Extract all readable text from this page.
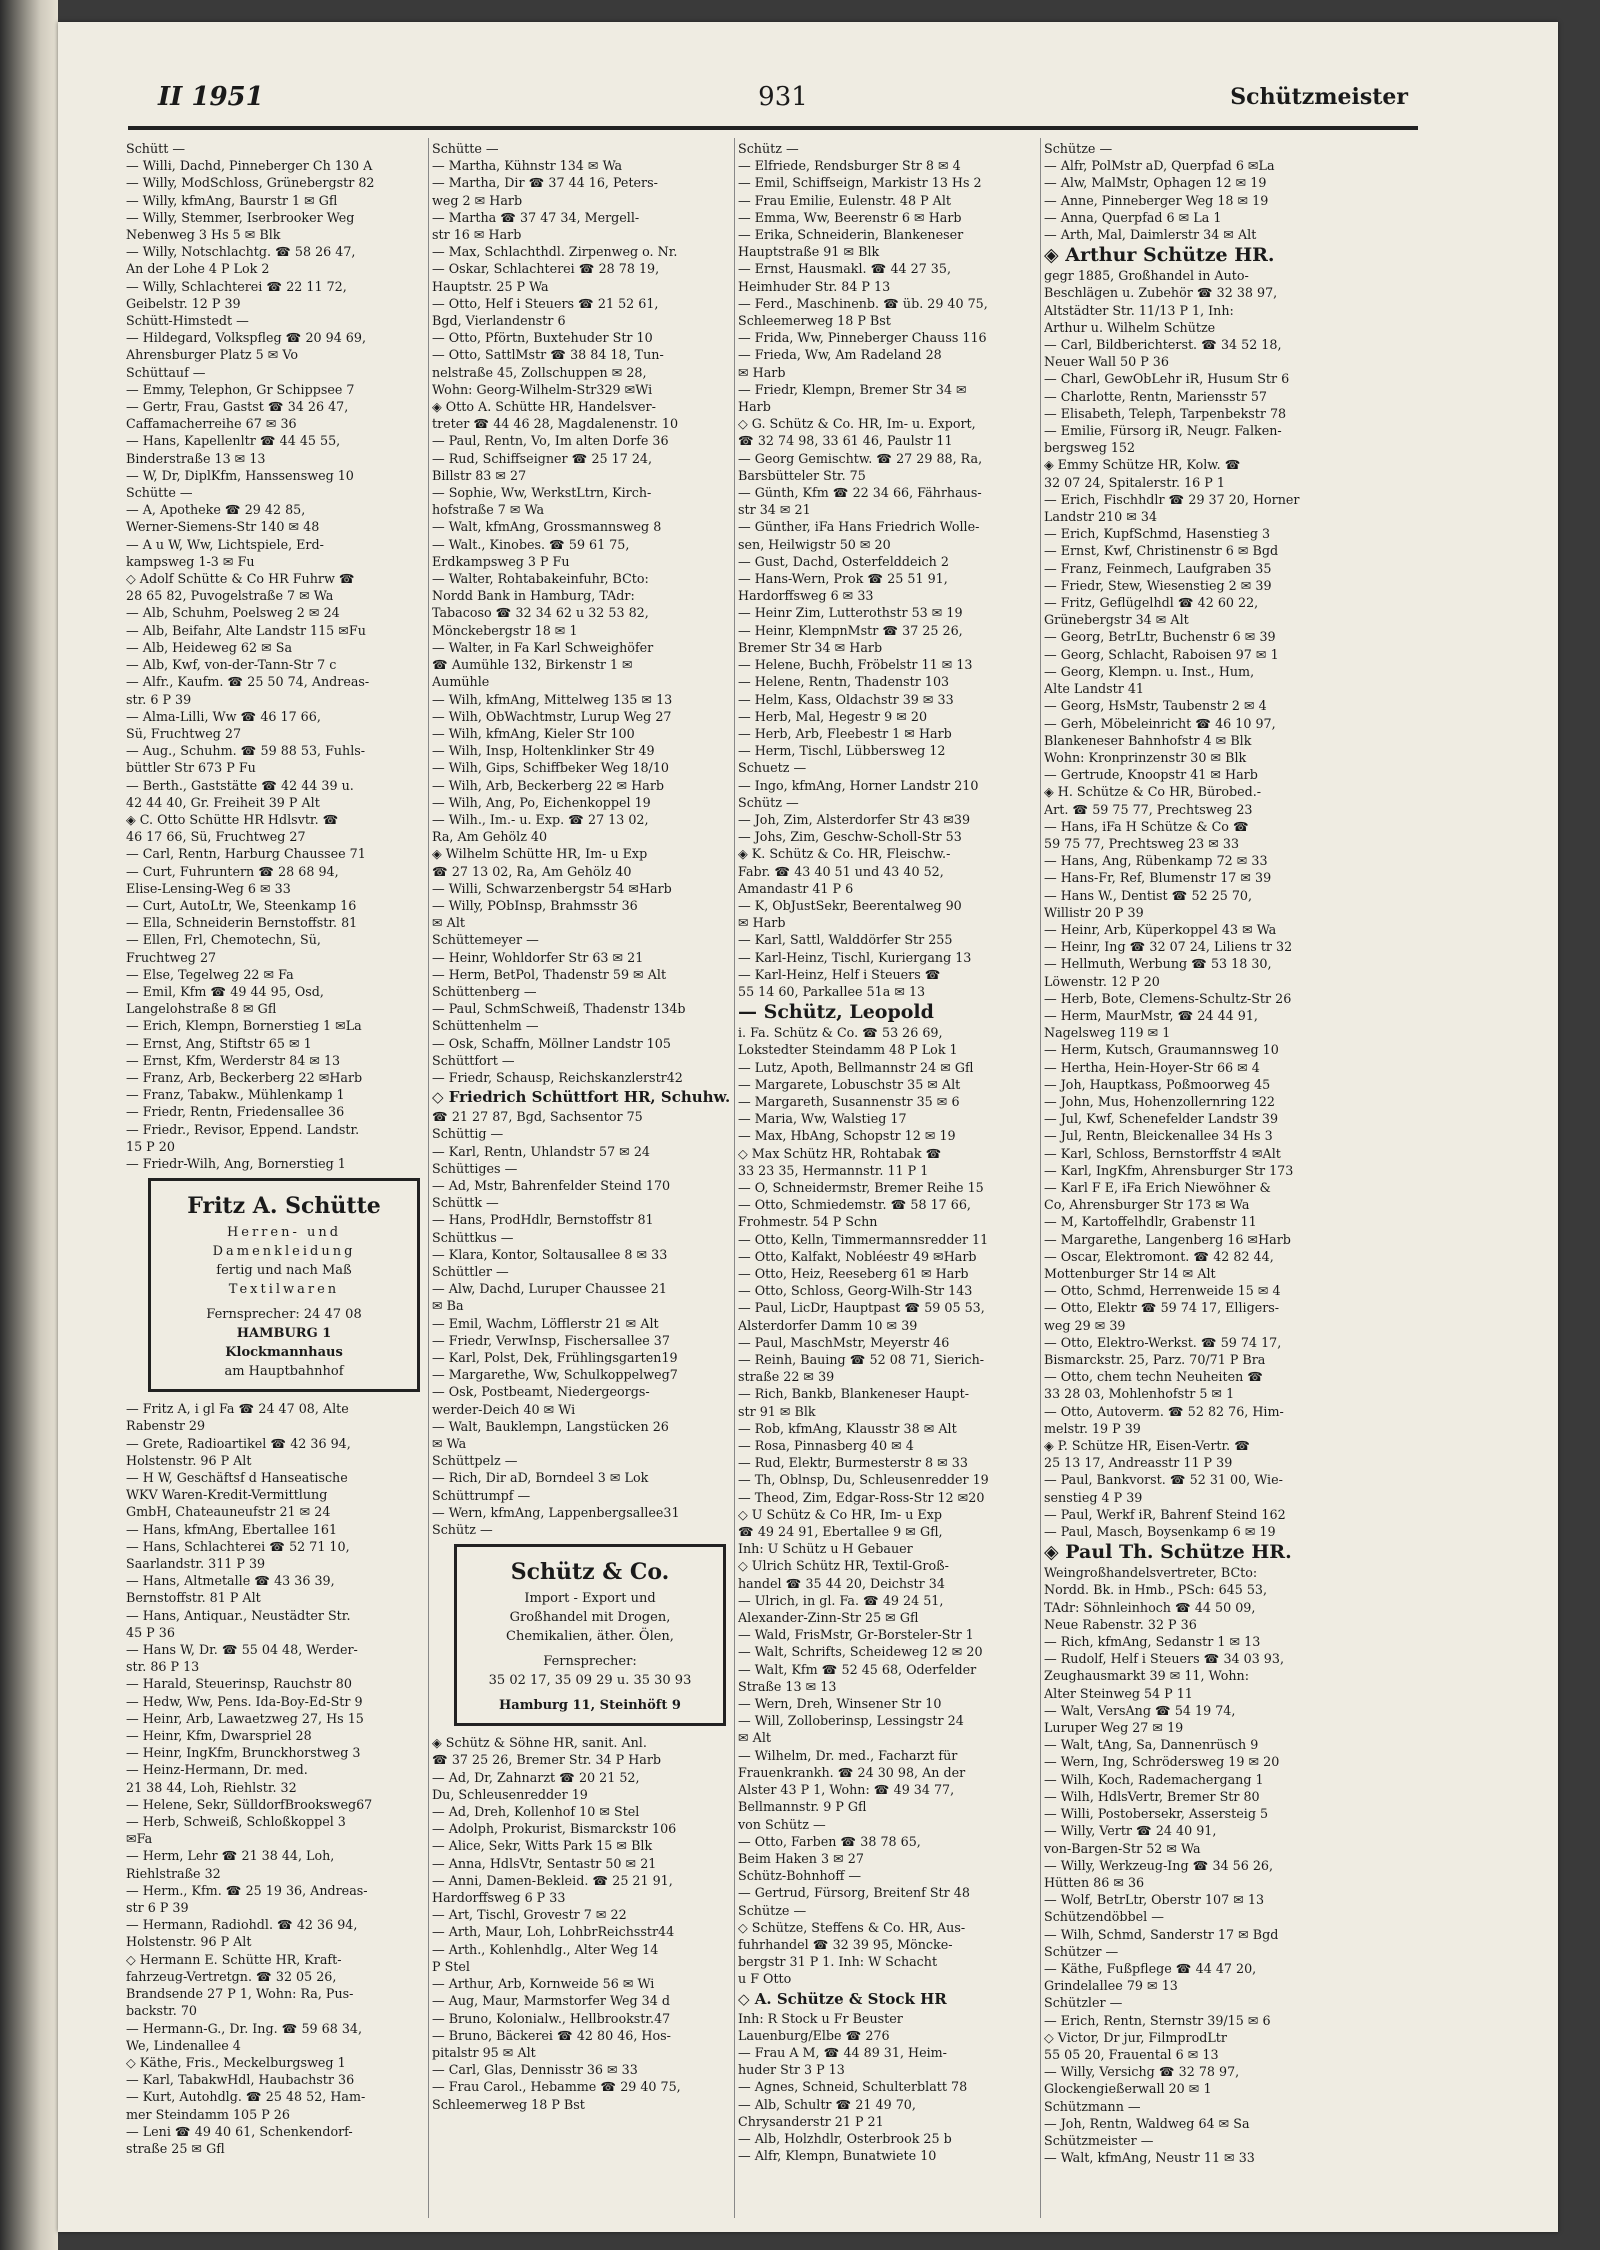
II 1951	931	Schützmeister
Schütt —
— Willi, Dachd, Pinneberger Ch 130 A
— Willy, ModSchloss, Grünebergstr 82
— Willy, kfmAng, Baurstr 1 ✉ Gfl
— Willy, Stemmer, Iserbrooker Weg
Nebenweg 3 Hs 5 ✉ Blk
— Willy, Notschlachtg. ☎ 58 26 47,
An der Lohe 4 P Lok 2
— Willy, Schlachterei ☎ 22 11 72,
Geibelstr. 12 P 39
Schütt-Himstedt —
— Hildegard, Volkspfleg ☎ 20 94 69,
Ahrensburger Platz 5 ✉ Vo
Schüttauf —
— Emmy, Telephon, Gr Schippsee 7
— Gertr, Frau, Gastst ☎ 34 26 47,
Caffamacherreihe 67 ✉ 36
— Hans, Kapellenltr ☎ 44 45 55,
Binderstraße 13 ✉ 13
— W, Dr, DiplKfm, Hanssensweg 10
Schütte —
— A, Apotheke ☎ 29 42 85,
Werner-Siemens-Str 140 ✉ 48
— A u W, Ww, Lichtspiele, Erd-
kampsweg 1-3 ✉ Fu
◇ Adolf Schütte & Co HR Fuhrw ☎
28 65 82, Puvogelstraße 7 ✉ Wa
— Alb, Schuhm, Poelsweg 2 ✉ 24
— Alb, Beifahr, Alte Landstr 115 ✉Fu
— Alb, Heideweg 62 ✉ Sa
— Alb, Kwf, von-der-Tann-Str 7 c
— Alfr., Kaufm. ☎ 25 50 74, Andreas-
str. 6 P 39
— Alma-Lilli, Ww ☎ 46 17 66,
Sü, Fruchtweg 27
— Aug., Schuhm. ☎ 59 88 53, Fuhls-
büttler Str 673 P Fu
— Berth., Gaststätte ☎ 42 44 39 u.
42 44 40, Gr. Freiheit 39 P Alt
◈ C. Otto Schütte HR Hdlsvtr. ☎
46 17 66, Sü, Fruchtweg 27
— Carl, Rentn, Harburg Chaussee 71
— Curt, Fuhruntern ☎ 28 68 94,
Elise-Lensing-Weg 6 ✉ 33
— Curt, AutoLtr, We, Steenkamp 16
— Ella, Schneiderin Bernstoffstr. 81
— Ellen, Frl, Chemotechn, Sü,
Fruchtweg 27
— Else, Tegelweg 22 ✉ Fa
— Emil, Kfm ☎ 49 44 95, Osd,
Langelohstraße 8 ✉ Gfl
— Erich, Klempn, Bornerstieg 1 ✉La
— Ernst, Ang, Stiftstr 65 ✉ 1
— Ernst, Kfm, Werderstr 84 ✉ 13
— Franz, Arb, Beckerberg 22 ✉Harb
— Franz, Tabakw., Mühlenkamp 1
— Friedr, Rentn, Friedensallee 36
— Friedr., Revisor, Eppend. Landstr.
15 P 20
— Friedr-Wilh, Ang, Bornerstieg 1
Fritz A. Schütte
Herren- und
Damenkleidung
fertig und nach Maß
Textilwaren
Fernsprecher: 24 47 08
HAMBURG 1
Klockmannhaus
am Hauptbahnhof
— Fritz A, i gl Fa ☎ 24 47 08, Alte
Rabenstr 29
— Grete, Radioartikel ☎ 42 36 94,
Holstenstr. 96 P Alt
— H W, Geschäftsf d Hanseatische
WKV Waren-Kredit-Vermittlung
GmbH, Chateauneufstr 21 ✉ 24
— Hans, kfmAng, Ebertallee 161
— Hans, Schlachterei ☎ 52 71 10,
Saarlandstr. 311 P 39
— Hans, Altmetalle ☎ 43 36 39,
Bernstoffstr. 81 P Alt
— Hans, Antiquar., Neustädter Str.
45 P 36
— Hans W, Dr. ☎ 55 04 48, Werder-
str. 86 P 13
— Harald, Steuerinsp, Rauchstr 80
— Hedw, Ww, Pens. Ida-Boy-Ed-Str 9
— Heinr, Arb, Lawaetzweg 27, Hs 15
— Heinr, Kfm, Dwarspriel 28
— Heinr, IngKfm, Brunckhorstweg 3
— Heinz-Hermann, Dr. med.
21 38 44, Loh, Riehlstr. 32
— Helene, Sekr, SülldorfBrooksweg67
— Herb, Schweiß, Schloßkoppel 3
✉Fa
— Herm, Lehr ☎ 21 38 44, Loh,
Riehlstraße 32
— Herm., Kfm. ☎ 25 19 36, Andreas-
str 6 P 39
— Hermann, Radiohdl. ☎ 42 36 94,
Holstenstr. 96 P Alt
◇ Hermann E. Schütte HR, Kraft-
fahrzeug-Vertretgn. ☎ 32 05 26,
Brandsende 27 P 1, Wohn: Ra, Pus-
backstr. 70
— Hermann-G., Dr. Ing. ☎ 59 68 34,
We, Lindenallee 4
◇ Käthe, Fris., Meckelburgsweg 1
— Karl, TabakwHdl, Haubachstr 36
— Kurt, Autohdlg. ☎ 25 48 52, Ham-
mer Steindamm 105 P 26
— Leni ☎ 49 40 61, Schenkendorf-
straße 25 ✉ Gfl
Schütte —
— Martha, Kühnstr 134 ✉ Wa
— Martha, Dir ☎ 37 44 16, Peters-
weg 2 ✉ Harb
— Martha ☎ 37 47 34, Mergell-
str 16 ✉ Harb
— Max, Schlachthdl. Zirpenweg o. Nr.
— Oskar, Schlachterei ☎ 28 78 19,
Hauptstr. 25 P Wa
— Otto, Helf i Steuers ☎ 21 52 61,
Bgd, Vierlandenstr 6
— Otto, Pförtn, Buxtehuder Str 10
— Otto, SattlMstr ☎ 38 84 18, Tun-
nelstraße 45, Zollschuppen ✉ 28,
Wohn: Georg-Wilhelm-Str329 ✉Wi
◈ Otto A. Schütte HR, Handelsver-
treter ☎ 44 46 28, Magdalenenstr. 10
— Paul, Rentn, Vo, Im alten Dorfe 36
— Rud, Schiffseigner ☎ 25 17 24,
Billstr 83 ✉ 27
— Sophie, Ww, WerkstLtrn, Kirch-
hofstraße 7 ✉ Wa
— Walt, kfmAng, Grossmannsweg 8
— Walt., Kinobes. ☎ 59 61 75,
Erdkampsweg 3 P Fu
— Walter, Rohtabakeinfuhr, BCto:
Nordd Bank in Hamburg, TAdr:
Tabacoso ☎ 32 34 62 u 32 53 82,
Mönckebergstr 18 ✉ 1
— Walter, in Fa Karl Schweighöfer
☎ Aumühle 132, Birkenstr 1 ✉
Aumühle
— Wilh, kfmAng, Mittelweg 135 ✉ 13
— Wilh, ObWachtmstr, Lurup Weg 27
— Wilh, kfmAng, Kieler Str 100
— Wilh, Insp, Holtenklinker Str 49
— Wilh, Gips, Schiffbeker Weg 18/10
— Wilh, Arb, Beckerberg 22 ✉ Harb
— Wilh, Ang, Po, Eichenkoppel 19
— Wilh., Im.- u. Exp. ☎ 27 13 02,
Ra, Am Gehölz 40
◈ Wilhelm Schütte HR, Im- u Exp
☎ 27 13 02, Ra, Am Gehölz 40
— Willi, Schwarzenbergstr 54 ✉Harb
— Willy, PObInsp, Brahmsstr 36
✉ Alt
Schüttemeyer —
— Heinr, Wohldorfer Str 63 ✉ 21
— Herm, BetPol, Thadenstr 59 ✉ Alt
Schüttenberg —
— Paul, SchmSchweiß, Thadenstr 134b
Schüttenhelm —
— Osk, Schaffn, Möllner Landstr 105
Schüttfort —
— Friedr, Schausp, Reichskanzlerstr42
◇ Friedrich Schüttfort HR, Schuhw.
☎ 21 27 87, Bgd, Sachsentor 75
Schüttig —
— Karl, Rentn, Uhlandstr 57 ✉ 24
Schüttiges —
— Ad, Mstr, Bahrenfelder Steind 170
Schüttk —
— Hans, ProdHdlr, Bernstoffstr 81
Schüttkus —
— Klara, Kontor, Soltausallee 8 ✉ 33
Schüttler —
— Alw, Dachd, Luruper Chaussee 21
✉ Ba
— Emil, Wachm, Löfflerstr 21 ✉ Alt
— Friedr, VerwInsp, Fischersallee 37
— Karl, Polst, Dek, Frühlingsgarten19
— Margarethe, Ww, Schulkoppelweg7
— Osk, Postbeamt, Niedergeorgs-
werder-Deich 40 ✉ Wi
— Walt, Bauklempn, Langstücken 26
✉ Wa
Schüttpelz —
— Rich, Dir aD, Borndeel 3 ✉ Lok
Schüttrumpf —
— Wern, kfmAng, Lappenbergsallee31
Schütz —
Schütz & Co.
Import - Export und
Großhandel mit Drogen,
Chemikalien, äther. Ölen,
Fernsprecher:
35 02 17, 35 09 29 u. 35 30 93
Hamburg 11, Steinhöft 9
◈ Schütz & Söhne HR, sanit. Anl.
☎ 37 25 26, Bremer Str. 34 P Harb
— Ad, Dr, Zahnarzt ☎ 20 21 52,
Du, Schleusenredder 19
— Ad, Dreh, Kollenhof 10 ✉ Stel
— Adolph, Prokurist, Bismarckstr 106
— Alice, Sekr, Witts Park 15 ✉ Blk
— Anna, HdlsVtr, Sentastr 50 ✉ 21
— Anni, Damen-Bekleid. ☎ 25 21 91,
Hardorffsweg 6 P 33
— Art, Tischl, Grovestr 7 ✉ 22
— Arth, Maur, Loh, LohbrReichsstr44
— Arth., Kohlenhdlg., Alter Weg 14
P Stel
— Arthur, Arb, Kornweide 56 ✉ Wi
— Aug, Maur, Marmstorfer Weg 34 d
— Bruno, Kolonialw., Hellbrookstr.47
— Bruno, Bäckerei ☎ 42 80 46, Hos-
pitalstr 95 ✉ Alt
— Carl, Glas, Dennisstr 36 ✉ 33
— Frau Carol., Hebamme ☎ 29 40 75,
Schleemerweg 18 P Bst
Schütz —
— Elfriede, Rendsburger Str 8 ✉ 4
— Emil, Schiffseign, Markistr 13 Hs 2
— Frau Emilie, Eulenstr. 48 P Alt
— Emma, Ww, Beerenstr 6 ✉ Harb
— Erika, Schneiderin, Blankeneser
Hauptstraße 91 ✉ Blk
— Ernst, Hausmakl. ☎ 44 27 35,
Heimhuder Str. 84 P 13
— Ferd., Maschinenb. ☎ üb. 29 40 75,
Schleemerweg 18 P Bst
— Frida, Ww, Pinneberger Chauss 116
— Frieda, Ww, Am Radeland 28
✉ Harb
— Friedr, Klempn, Bremer Str 34 ✉
Harb
◇ G. Schütz & Co. HR, Im- u. Export,
☎ 32 74 98, 33 61 46, Paulstr 11
— Georg Gemischtw. ☎ 27 29 88, Ra,
Barsbütteler Str. 75
— Günth, Kfm ☎ 22 34 66, Fährhaus-
str 34 ✉ 21
— Günther, iFa Hans Friedrich Wolle-
sen, Heilwigstr 50 ✉ 20
— Gust, Dachd, Osterfelddeich 2
— Hans-Wern, Prok ☎ 25 51 91,
Hardorffsweg 6 ✉ 33
— Heinr Zim, Lutterothstr 53 ✉ 19
— Heinr, KlempnMstr ☎ 37 25 26,
Bremer Str 34 ✉ Harb
— Helene, Buchh, Fröbelstr 11 ✉ 13
— Helene, Rentn, Thadenstr 103
— Helm, Kass, Oldachstr 39 ✉ 33
— Herb, Mal, Hegestr 9 ✉ 20
— Herb, Arb, Fleebestr 1 ✉ Harb
— Herm, Tischl, Lübbersweg 12
Schuetz —
— Ingo, kfmAng, Horner Landstr 210
Schütz —
— Joh, Zim, Alsterdorfer Str 43 ✉39
— Johs, Zim, Geschw-Scholl-Str 53
◈ K. Schütz & Co. HR, Fleischw.-
Fabr. ☎ 43 40 51 und 43 40 52,
Amandastr 41 P 6
— K, ObJustSekr, Beerentalweg 90
✉ Harb
— Karl, Sattl, Walddörfer Str 255
— Karl-Heinz, Tischl, Kuriergang 13
— Karl-Heinz, Helf i Steuers ☎
55 14 60, Parkallee 51a ✉ 13
— Schütz, Leopold
i. Fa. Schütz & Co. ☎ 53 26 69,
Lokstedter Steindamm 48 P Lok 1
— Lutz, Apoth, Bellmannstr 24 ✉ Gfl
— Margarete, Lobuschstr 35 ✉ Alt
— Margareth, Susannenstr 35 ✉ 6
— Maria, Ww, Walstieg 17
— Max, HbAng, Schopstr 12 ✉ 19
◇ Max Schütz HR, Rohtabak ☎
33 23 35, Hermannstr. 11 P 1
— O, Schneidermstr, Bremer Reihe 15
— Otto, Schmiedemstr. ☎ 58 17 66,
Frohmestr. 54 P Schn
— Otto, Kelln, Timmermannsredder 11
— Otto, Kalfakt, Nobléestr 49 ✉Harb
— Otto, Heiz, Reeseberg 61 ✉ Harb
— Otto, Schloss, Georg-Wilh-Str 143
— Paul, LicDr, Hauptpast ☎ 59 05 53,
Alsterdorfer Damm 10 ✉ 39
— Paul, MaschMstr, Meyerstr 46
— Reinh, Bauing ☎ 52 08 71, Sierich-
straße 22 ✉ 39
— Rich, Bankb, Blankeneser Haupt-
str 91 ✉ Blk
— Rob, kfmAng, Klausstr 38 ✉ Alt
— Rosa, Pinnasberg 40 ✉ 4
— Rud, Elektr, Burmesterstr 8 ✉ 33
— Th, Oblnsp, Du, Schleusenredder 19
— Theod, Zim, Edgar-Ross-Str 12 ✉20
◇ U Schütz & Co HR, Im- u Exp
☎ 49 24 91, Ebertallee 9 ✉ Gfl,
Inh: U Schütz u H Gebauer
◇ Ulrich Schütz HR, Textil-Groß-
handel ☎ 35 44 20, Deichstr 34
— Ulrich, in gl. Fa. ☎ 49 24 51,
Alexander-Zinn-Str 25 ✉ Gfl
— Wald, FrisMstr, Gr-Borsteler-Str 1
— Walt, Schrifts, Scheideweg 12 ✉ 20
— Walt, Kfm ☎ 52 45 68, Oderfelder
Straße 13 ✉ 13
— Wern, Dreh, Winsener Str 10
— Will, Zolloberinsp, Lessingstr 24
✉ Alt
— Wilhelm, Dr. med., Facharzt für
Frauenkrankh. ☎ 24 30 98, An der
Alster 43 P 1, Wohn: ☎ 49 34 77,
Bellmannstr. 9 P Gfl
von Schütz —
— Otto, Farben ☎ 38 78 65,
Beim Haken 3 ✉ 27
Schütz-Bohnhoff —
— Gertrud, Fürsorg, Breitenf Str 48
Schütze —
◇ Schütze, Steffens & Co. HR, Aus-
fuhrhandel ☎ 32 39 95, Möncke-
bergstr 31 P 1. Inh: W Schacht
u F Otto
◇ A. Schütze & Stock HR
Inh: R Stock u Fr Beuster
Lauenburg/Elbe ☎ 276
— Frau A M, ☎ 44 89 31, Heim-
huder Str 3 P 13
— Agnes, Schneid, Schulterblatt 78
— Alb, Schultr ☎ 21 49 70,
Chrysanderstr 21 P 21
— Alb, Holzhdlr, Osterbrook 25 b
— Alfr, Klempn, Bunatwiete 10
Schütze —
— Alfr, PolMstr aD, Querpfad 6 ✉La
— Alw, MalMstr, Ophagen 12 ✉ 19
— Anne, Pinneberger Weg 18 ✉ 19
— Anna, Querpfad 6 ✉ La 1
— Arth, Mal, Daimlerstr 34 ✉ Alt
◈ Arthur Schütze HR.
gegr 1885, Großhandel in Auto-
Beschlägen u. Zubehör ☎ 32 38 97,
Altstädter Str. 11/13 P 1, Inh:
Arthur u. Wilhelm Schütze
— Carl, Bildberichterst. ☎ 34 52 18,
Neuer Wall 50 P 36
— Charl, GewObLehr iR, Husum Str 6
— Charlotte, Rentn, Mariensstr 57
— Elisabeth, Teleph, Tarpenbekstr 78
— Emilie, Fürsorg iR, Neugr. Falken-
bergsweg 152
◈ Emmy Schütze HR, Kolw. ☎
32 07 24, Spitalerstr. 16 P 1
— Erich, Fischhdlr ☎ 29 37 20, Horner
Landstr 210 ✉ 34
— Erich, KupfSchmd, Hasenstieg 3
— Ernst, Kwf, Christinenstr 6 ✉ Bgd
— Franz, Feinmech, Laufgraben 35
— Friedr, Stew, Wiesenstieg 2 ✉ 39
— Fritz, Geflügelhdl ☎ 42 60 22,
Grünebergstr 34 ✉ Alt
— Georg, BetrLtr, Buchenstr 6 ✉ 39
— Georg, Schlacht, Raboisen 97 ✉ 1
— Georg, Klempn. u. Inst., Hum,
Alte Landstr 41
— Georg, HsMstr, Taubenstr 2 ✉ 4
— Gerh, Möbeleinricht ☎ 46 10 97,
Blankeneser Bahnhofstr 4 ✉ Blk
Wohn: Kronprinzenstr 30 ✉ Blk
— Gertrude, Knoopstr 41 ✉ Harb
◈ H. Schütze & Co HR, Bürobed.-
Art. ☎ 59 75 77, Prechtsweg 23
— Hans, iFa H Schütze & Co ☎
59 75 77, Prechtsweg 23 ✉ 33
— Hans, Ang, Rübenkamp 72 ✉ 33
— Hans-Fr, Ref, Blumenstr 17 ✉ 39
— Hans W., Dentist ☎ 52 25 70,
Willistr 20 P 39
— Heinr, Arb, Küperkoppel 43 ✉ Wa
— Heinr, Ing ☎ 32 07 24, Liliens tr 32
— Hellmuth, Werbung ☎ 53 18 30,
Löwenstr. 12 P 20
— Herb, Bote, Clemens-Schultz-Str 26
— Herm, MaurMstr, ☎ 24 44 91,
Nagelsweg 119 ✉ 1
— Herm, Kutsch, Graumannsweg 10
— Hertha, Hein-Hoyer-Str 66 ✉ 4
— Joh, Hauptkass, Poßmoorweg 45
— John, Mus, Hohenzollernring 122
— Jul, Kwf, Schenefelder Landstr 39
— Jul, Rentn, Bleickenallee 34 Hs 3
— Karl, Schloss, Bernstorffstr 4 ✉Alt
— Karl, IngKfm, Ahrensburger Str 173
— Karl F E, iFa Erich Niewöhner &
Co, Ahrensburger Str 173 ✉ Wa
— M, Kartoffelhdlr, Grabenstr 11
— Margarethe, Langenberg 16 ✉Harb
— Oscar, Elektromont. ☎ 42 82 44,
Mottenburger Str 14 ✉ Alt
— Otto, Schmd, Herrenweide 15 ✉ 4
— Otto, Elektr ☎ 59 74 17, Elligers-
weg 29 ✉ 39
— Otto, Elektro-Werkst. ☎ 59 74 17,
Bismarckstr. 25, Parz. 70/71 P Bra
— Otto, chem techn Neuheiten ☎
33 28 03, Mohlenhofstr 5 ✉ 1
— Otto, Autoverm. ☎ 52 82 76, Him-
melstr. 19 P 39
◈ P. Schütze HR, Eisen-Vertr. ☎
25 13 17, Andreasstr 11 P 39
— Paul, Bankvorst. ☎ 52 31 00, Wie-
senstieg 4 P 39
— Paul, Werkf iR, Bahrenf Steind 162
— Paul, Masch, Boysenkamp 6 ✉ 19
◈ Paul Th. Schütze HR.
Weingroßhandelsvertreter, BCto:
Nordd. Bk. in Hmb., PSch: 645 53,
TAdr: Söhnleinhoch ☎ 44 50 09,
Neue Rabenstr. 32 P 36
— Rich, kfmAng, Sedanstr 1 ✉ 13
— Rudolf, Helf i Steuers ☎ 34 03 93,
Zeughausmarkt 39 ✉ 11, Wohn:
Alter Steinweg 54 P 11
— Walt, VersAng ☎ 54 19 74,
Luruper Weg 27 ✉ 19
— Walt, tAng, Sa, Dannenrüsch 9
— Wern, Ing, Schrödersweg 19 ✉ 20
— Wilh, Koch, Rademachergang 1
— Wilh, HdlsVertr, Bremer Str 80
— Willi, Postobersekr, Assersteig 5
— Willy, Vertr ☎ 24 40 91,
von-Bargen-Str 52 ✉ Wa
— Willy, Werkzeug-Ing ☎ 34 56 26,
Hütten 86 ✉ 36
— Wolf, BetrLtr, Oberstr 107 ✉ 13
Schützendöbbel —
— Wilh, Schmd, Sanderstr 17 ✉ Bgd
Schützer —
— Käthe, Fußpflege ☎ 44 47 20,
Grindelallee 79 ✉ 13
Schützler —
— Erich, Rentn, Sternstr 39/15 ✉ 6
◇ Victor, Dr jur, FilmprodLtr
55 05 20, Frauental 6 ✉ 13
— Willy, Versichg ☎ 32 78 97,
Glockengießerwall 20 ✉ 1
Schützmann —
— Joh, Rentn, Waldweg 64 ✉ Sa
Schützmeister —
— Walt, kfmAng, Neustr 11 ✉ 33
